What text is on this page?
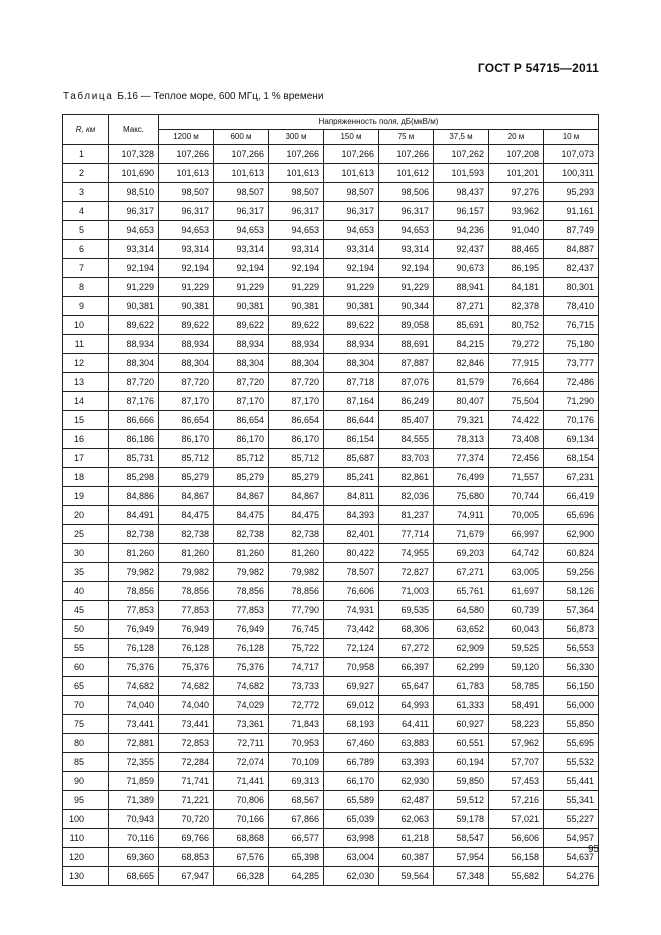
ГОСТ Р 54715—2011
Таблица Б.16 — Теплое море, 600 МГц, 1 % времени
R, км	Макс.	Напряженность поля, дБ(мкВ/м)							
		1200 м	600 м	300 м	150 м	75 м	37,5 м	20 м	10 м
1	107,328	107,266	107,266	107,266	107,266	107,266	107,262	107,208	107,073
2	101,690	101,613	101,613	101,613	101,613	101,612	101,593	101,201	100,311
3	98,510	98,507	98,507	98,507	98,507	98,506	98,437	97,276	95,293
4	96,317	96,317	96,317	96,317	96,317	96,317	96,157	93,962	91,161
5	94,653	94,653	94,653	94,653	94,653	94,653	94,236	91,040	87,749
6	93,314	93,314	93,314	93,314	93,314	93,314	92,437	88,465	84,887
7	92,194	92,194	92,194	92,194	92,194	92,194	90,673	86,195	82,437
8	91,229	91,229	91,229	91,229	91,229	91,229	88,941	84,181	80,301
9	90,381	90,381	90,381	90,381	90,381	90,344	87,271	82,378	78,410
10	89,622	89,622	89,622	89,622	89,622	89,058	85,691	80,752	76,715
11	88,934	88,934	88,934	88,934	88,934	88,691	84,215	79,272	75,180
12	88,304	88,304	88,304	88,304	88,304	87,887	82,846	77,915	73,777
13	87,720	87,720	87,720	87,720	87,718	87,076	81,579	76,664	72,486
14	87,176	87,170	87,170	87,170	87,164	86,249	80,407	75,504	71,290
15	86,666	86,654	86,654	86,654	86,644	85,407	79,321	74,422	70,176
16	86,186	86,170	86,170	86,170	86,154	84,555	78,313	73,408	69,134
17	85,731	85,712	85,712	85,712	85,687	83,703	77,374	72,456	68,154
18	85,298	85,279	85,279	85,279	85,241	82,861	76,499	71,557	67,231
19	84,886	84,867	84,867	84,867	84,811	82,036	75,680	70,744	66,419
20	84,491	84,475	84,475	84,475	84,393	81,237	74,911	70,005	65,696
25	82,738	82,738	82,738	82,738	82,401	77,714	71,679	66,997	62,900
30	81,260	81,260	81,260	81,260	80,422	74,955	69,203	64,742	60,824
35	79,982	79,982	79,982	79,982	78,507	72,827	67,271	63,005	59,256
40	78,856	78,856	78,856	78,856	76,606	71,003	65,761	61,697	58,126
45	77,853	77,853	77,853	77,790	74,931	69,535	64,580	60,739	57,364
50	76,949	76,949	76,949	76,745	73,442	68,306	63,652	60,043	56,873
55	76,128	76,128	76,128	75,722	72,124	67,272	62,909	59,525	56,553
60	75,376	75,376	75,376	74,717	70,958	66,397	62,299	59,120	56,330
65	74,682	74,682	74,682	73,733	69,927	65,647	61,783	58,785	56,150
70	74,040	74,040	74,029	72,772	69,012	64,993	61,333	58,491	56,000
75	73,441	73,441	73,361	71,843	68,193	64,411	60,927	58,223	55,850
80	72,881	72,853	72,711	70,953	67,460	63,883	60,551	57,962	55,695
85	72,355	72,284	72,074	70,109	66,789	63,393	60,194	57,707	55,532
90	71,859	71,741	71,441	69,313	66,170	62,930	59,850	57,453	55,441
95	71,389	71,221	70,806	68,567	65,589	62,487	59,512	57,216	55,341
100	70,943	70,720	70,166	67,866	65,039	62,063	59,178	57,021	55,227
110	70,116	69,766	68,868	66,577	63,998	61,218	58,547	56,606	54,957
120	69,360	68,853	67,576	65,398	63,004	60,387	57,954	56,158	54,637
130	68,665	67,947	66,328	64,285	62,030	59,564	57,348	55,682	54,276
95
